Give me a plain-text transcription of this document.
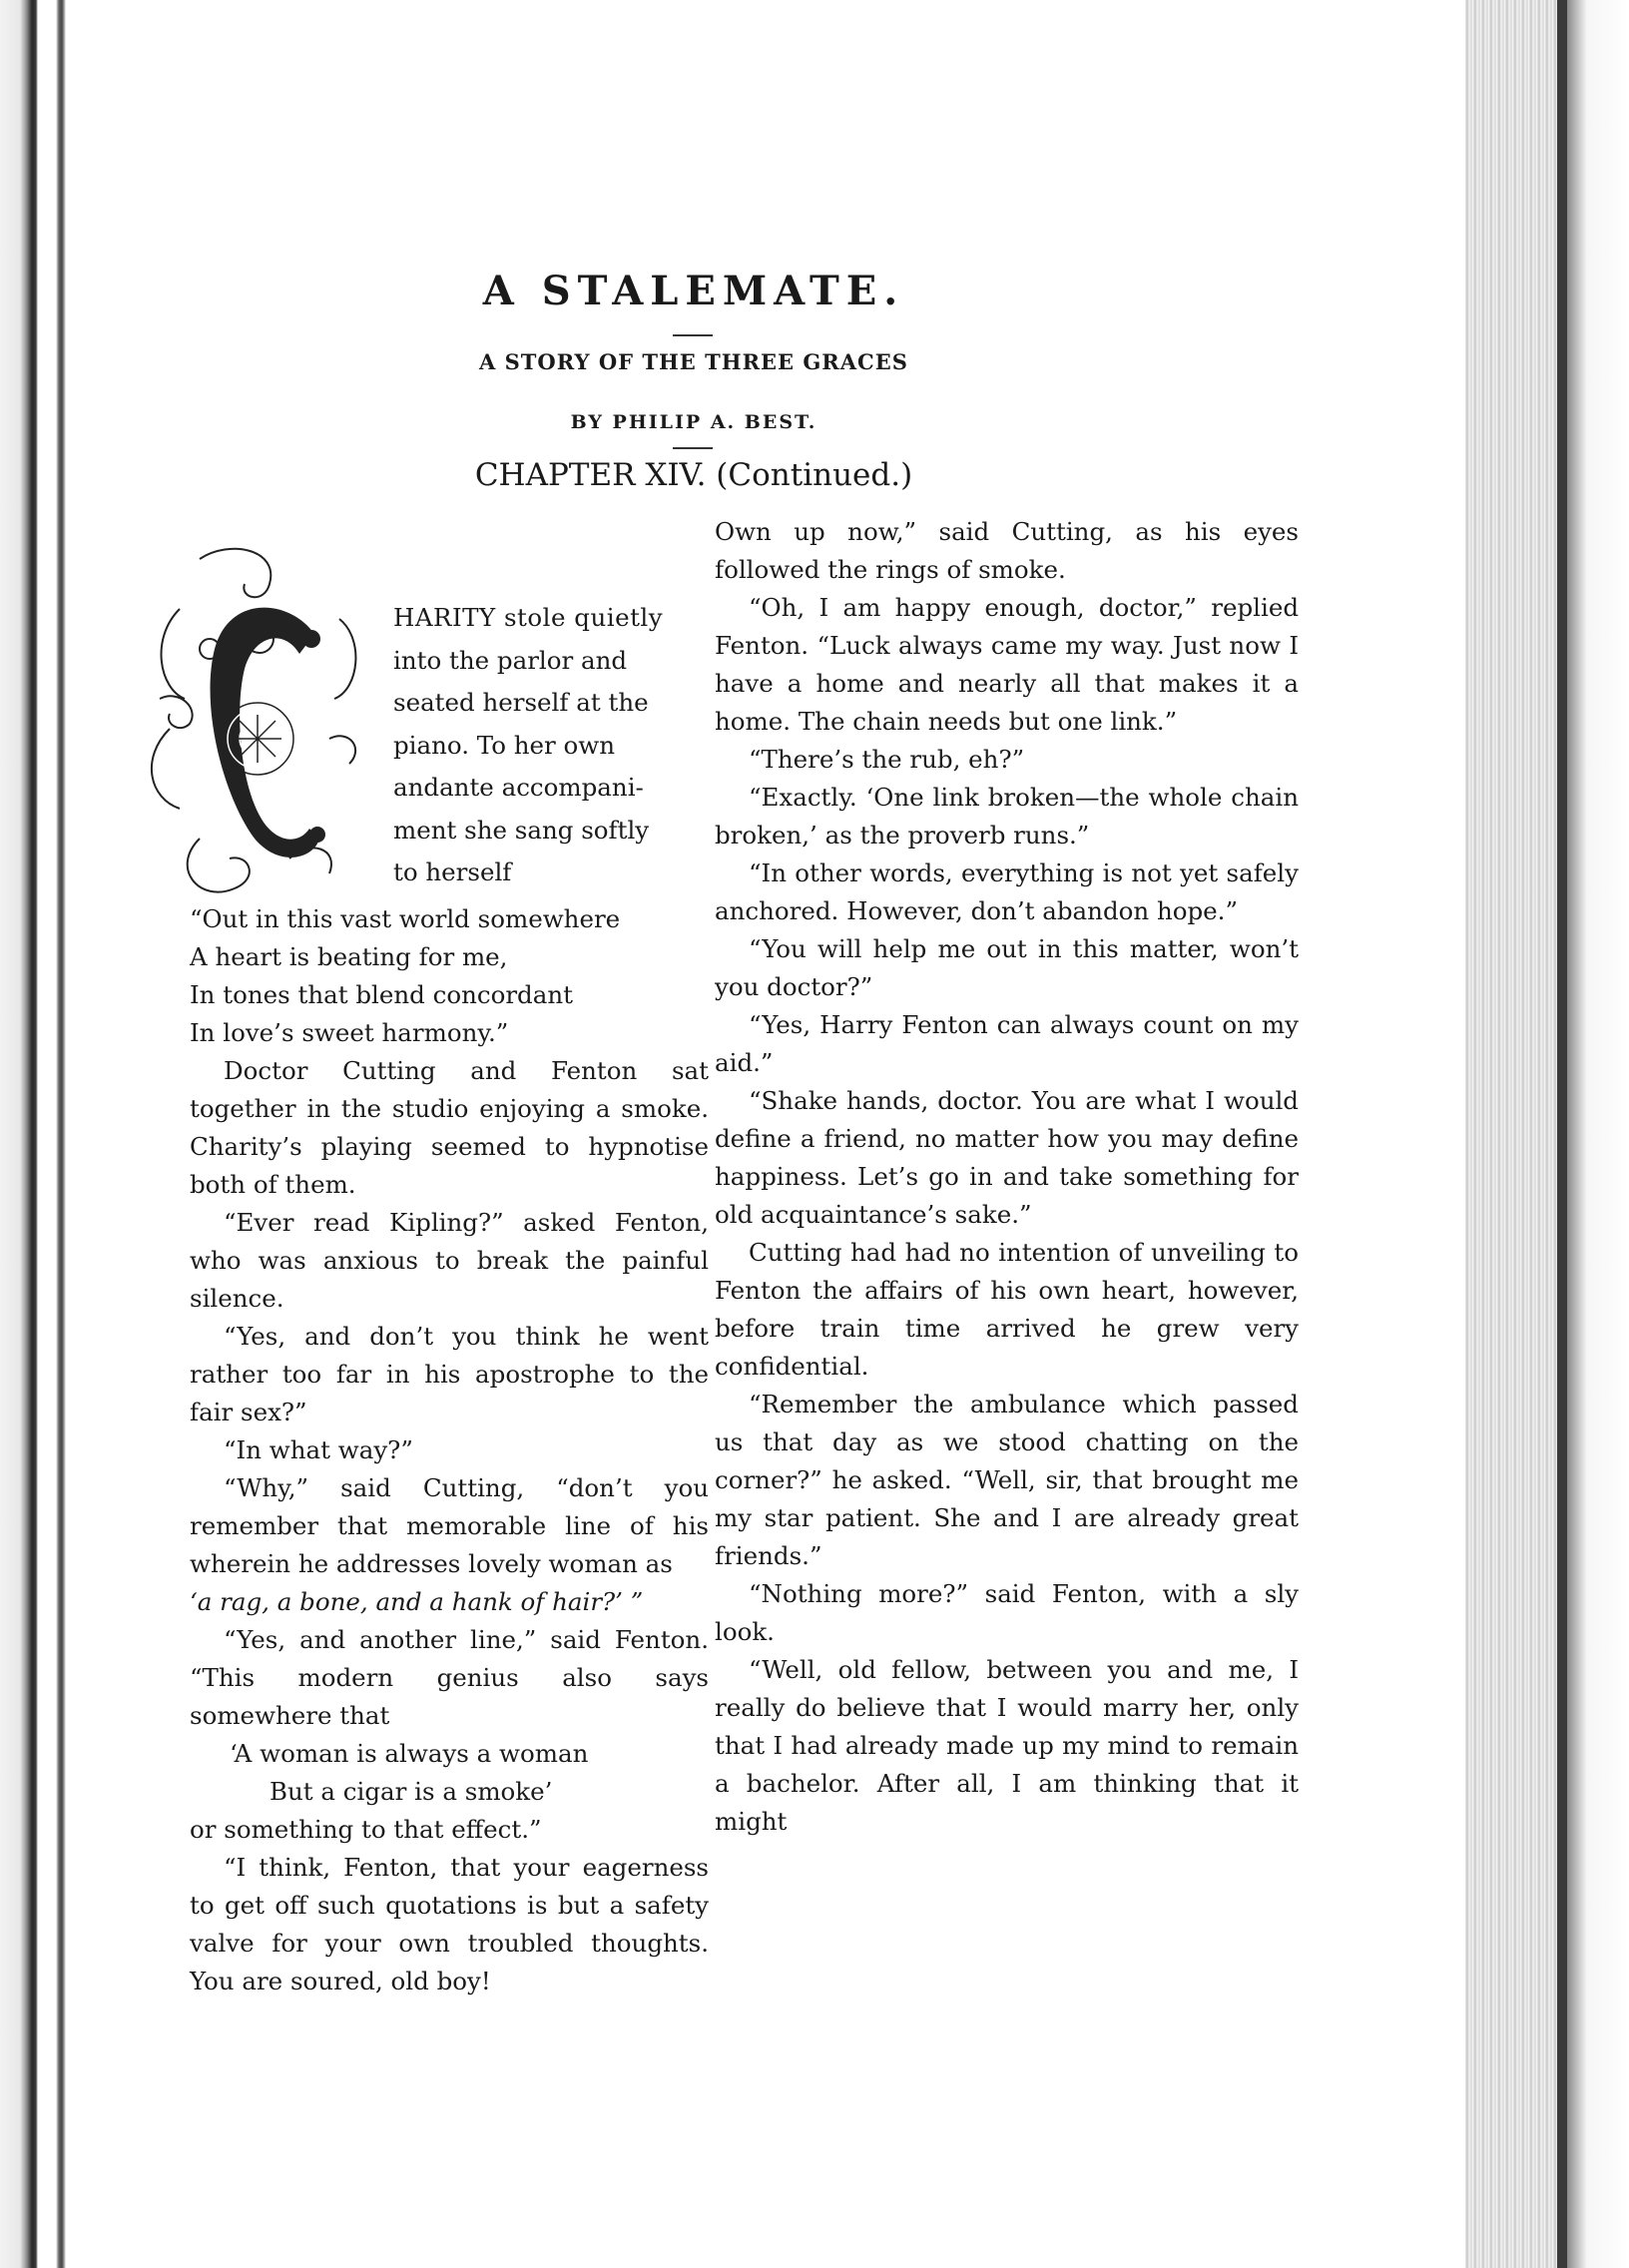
A STALEMATE.
A STORY OF THE THREE GRACES
BY PHILIP A. BEST.
CHAPTER XIV. (Continued.)
C
HARITY stole quietly
into the parlor and
seated herself at the
piano. To her own
andante accompani-
ment she sang softly
to herself

“Out in this vast world somewhere

A heart is beating for me,

In tones that blend concordant

In love’s sweet harmony.”

Doctor Cutting and Fenton sat together in the studio enjoying a smoke. Charity’s playing seemed to hypnotise both of them.

“Ever read Kipling?” asked Fenton, who was anxious to break the painful silence.

“Yes, and don’t you think he went rather too far in his apostrophe to the fair sex?”

“In what way?”

“Why,” said Cutting, “don’t you remember that memorable line of his wherein he addresses lovely woman as

‘a rag, a bone, and a hank of hair?’ ”

“Yes, and another line,” said Fenton. “This modern genius also says somewhere that

‘A woman is always a woman

But a cigar is a smoke’

or something to that effect.”

“I think, Fenton, that your eagerness to get off such quotations is but a safety valve for your own troubled thoughts. You are soured, old boy!

Own up now,” said Cutting, as his eyes followed the rings of smoke.

“Oh, I am happy enough, doctor,” replied Fenton. “Luck always came my way. Just now I have a home and nearly all that makes it a home. The chain needs but one link.”

“There’s the rub, eh?”

“Exactly. ‘One link broken—the whole chain broken,’ as the proverb runs.”

“In other words, everything is not yet safely anchored. However, don’t abandon hope.”

“You will help me out in this matter, won’t you doctor?”

“Yes, Harry Fenton can always count on my aid.”

“Shake hands, doctor. You are what I would define a friend, no matter how you may define happiness. Let’s go in and take something for old acquaintance’s sake.”

Cutting had had no intention of unveiling to Fenton the affairs of his own heart, however, before train time arrived he grew very confidential.

“Remember the ambulance which passed us that day as we stood chatting on the corner?” he asked. “Well, sir, that brought me my star patient. She and I are already great friends.”

“Nothing more?” said Fenton, with a sly look.

“Well, old fellow, between you and me, I really do believe that I would marry her, only that I had already made up my mind to remain a bachelor. After all, I am thinking that it might
